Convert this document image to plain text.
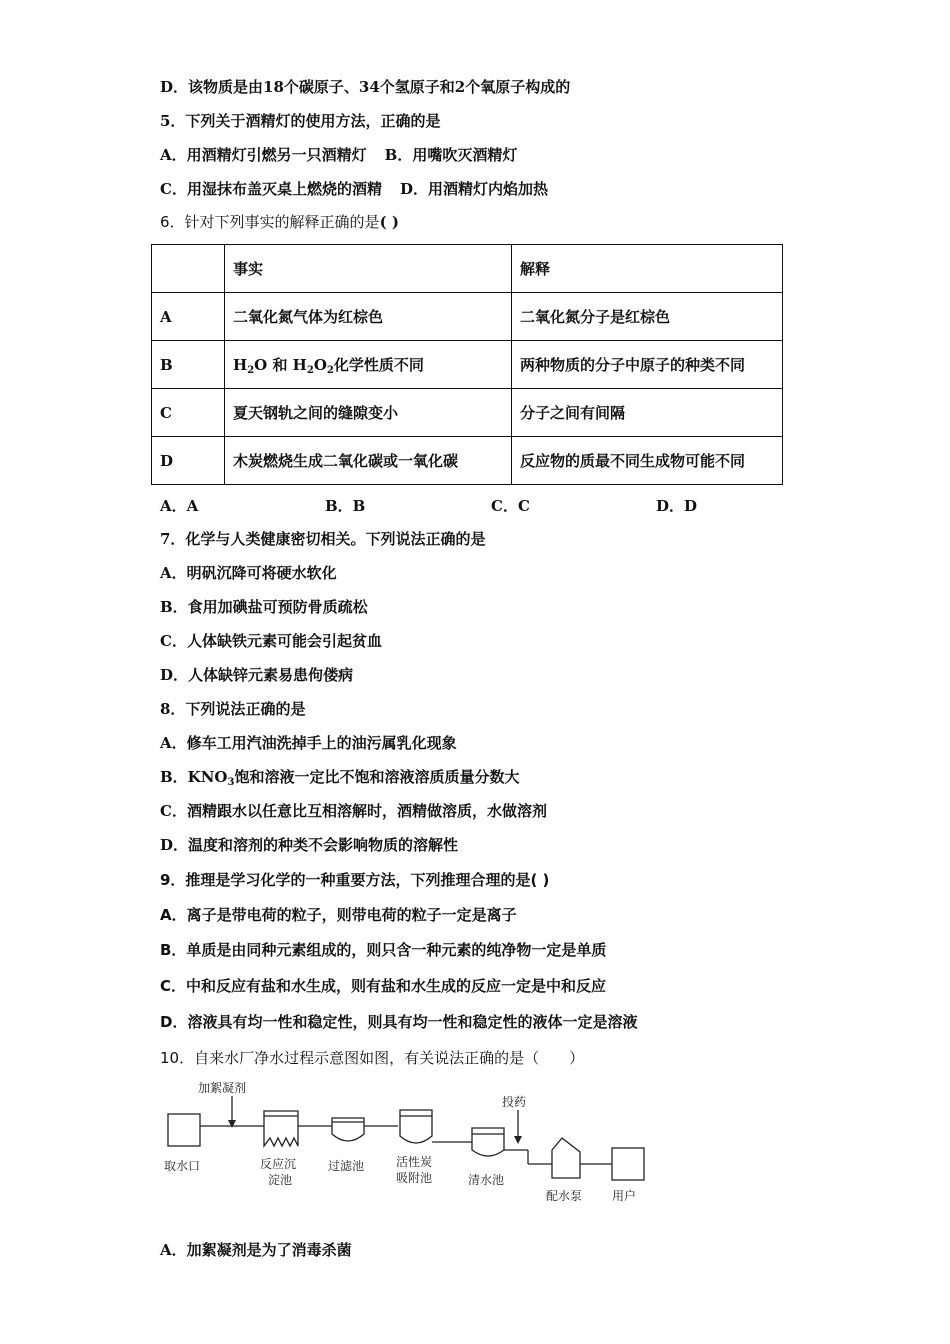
D．该物质是由18个碳原子、34个氢原子和2个氧原子构成的
5．下列关于酒精灯的使用方法，正确的是
A．用酒精灯引燃另一只酒精灯 B．用嘴吹灭酒精灯
C．用湿抹布盖灭桌上燃烧的酒精 D．用酒精灯内焰加热
6．针对下列事实的解释正确的是( )
	事实	解释
A	二氧化氮气体为红棕色	二氧化氮分子是红棕色
B	$H_2O$ 和 $H_2O_2$化学性质不同	两种物质的分子中原子的种类不同
C	夏天钢轨之间的缝隙变小	分子之间有间隔
D	木炭燃烧生成二氧化碳或一氧化碳	反应物的质最不同生成物可能不同
A．A	B．B	C．C	D．D
7．化学与人类健康密切相关。下列说法正确的是
A．明矾沉降可将硬水软化
B．食用加碘盐可预防骨质疏松
C．人体缺铁元素可能会引起贫血
D．人体缺锌元素易患佝偻病
8．下列说法正确的是
A．修车工用汽油洗掉手上的油污属乳化现象
B．$KNO_3$饱和溶液一定比不饱和溶液溶质质量分数大
C．酒精跟水以任意比互相溶解时，酒精做溶质，水做溶剂
D．温度和溶剂的种类不会影响物质的溶解性
9．推理是学习化学的一种重要方法，下列推理合理的是( )
A．离子是带电荷的粒子，则带电荷的粒子一定是离子
B．单质是由同种元素组成的，则只含一种元素的纯净物一定是单质
C．中和反应有盐和水生成，则有盐和水生成的反应一定是中和反应
D．溶液具有均一性和稳定性，则具有均一性和稳定性的液体一定是溶液
10．自来水厂净水过程示意图如图，有关说法正确的是（　　）
加絮凝剂
投药
取水口	反应沉
淀池
过滤池	活性炭
吸附池	清水池
配水泵 用户
A．加絮凝剂是为了消毒杀菌
